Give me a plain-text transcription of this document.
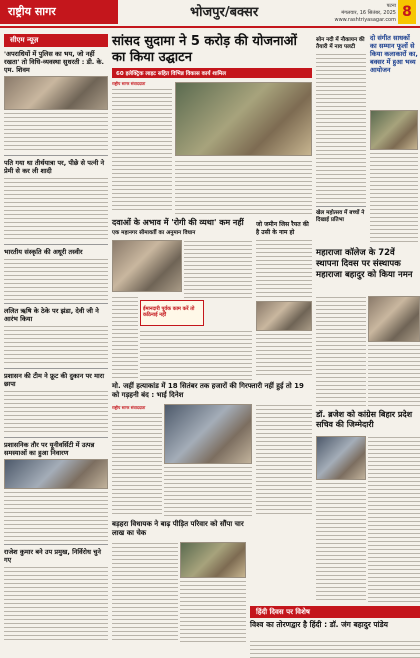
राष्ट्रीय सागर	भोजपुर/बक्सर	पटना
मंगलवार, 16 सितंबर, 2025
www.rashtriyasagar.com 8
सीएम न्यूज़
'अपराधियों में पुलिस का भय, जो नहीं रखता' तो विधि-व्यवस्था सुधरती : डी. के. एम. शिवम
पति गया था तीर्थयात्रा पर, पीछे से पत्नी ने प्रेमी से कर ली शादी
भारतीय संस्कृति की अधूरी तस्वीर
ललित ऋषि के ठेके पर झंडा, देवी जी ने आरंभ किया
प्रशासन की टीम ने फ्रूट की दुकान पर मारा छापा
प्रशासनिक तौर पर यूनीवर्सिटी में उत्पन्न समस्याओं का हुआ निवारण
राजेश कुमार बने उप प्रमुख, निर्विरोध चुने गए
सांसद सुदामा ने 5 करोड़ की योजनाओं का किया उद्घाटन
60 इलेक्ट्रिक लाइट सहित विभिन्न विकास कार्य शामिल
राष्ट्रीय सागर संवाददाता
दवाओं के अभाव में 'रोगी की व्यथा' कम नहीं
एक महानगर सीमावर्ती का अनुमान विधान
ईमानदारी पूर्वक काम करें तो कठिनाई नहीं
जो जमीन जिस रैयत की है उसी के नाम हो
मो. जहीं हत्याकांड में 18 सितंबर तक हजारों की गिरफ्तारी नहीं हुई तो 19 को गड़हनी बंद : भाई दिनेश
राष्ट्रीय सागर संवाददाता
बड़हरा विधायक ने बाढ़ पीड़ित परिवार को सौंपा चार लाख का चेक
सोन नदी में नौकायन की तैयारी में नाव पलटी
खेल महोत्सव में बच्चों ने दिखाई प्रतिभा
दो संगीत साधकों का सम्मान फूलों से किया कलाकारों का, बक्सर में हुआ भव्य आयोजन
महाराजा कॉलेज के 72वें स्थापना दिवस पर संस्थापक महाराजा बहादुर को किया नमन
डॉ. ब्रजेश को कांग्रेस बिहार प्रदेश सचिव की जिम्मेदारी
हिंदी दिवस पर विशेष
विश्व का तोरणद्वार है हिंदी : डॉ. जंग बहादुर पांडेय
